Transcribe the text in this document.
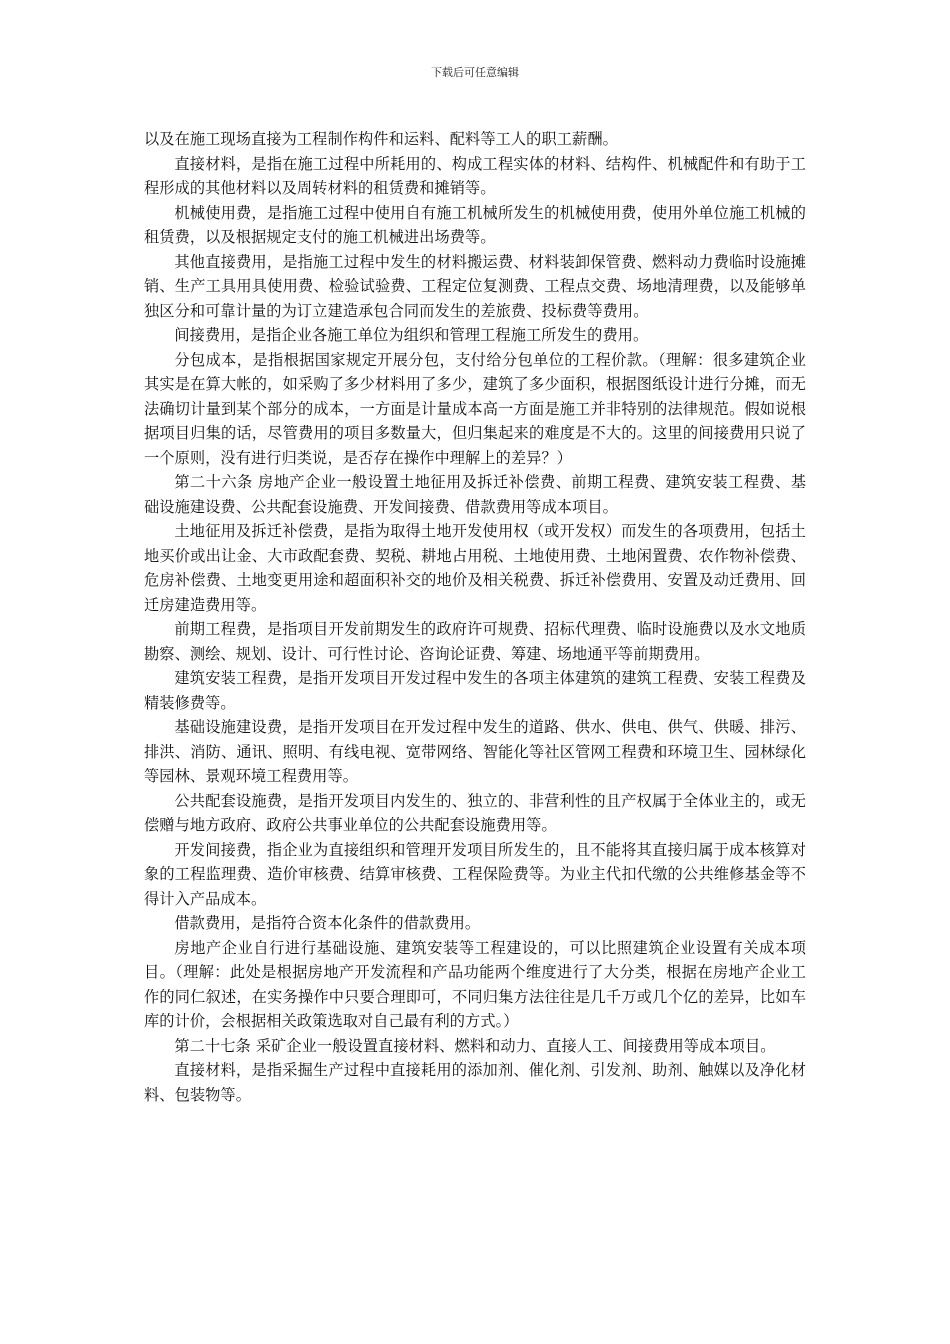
下载后可任意编辑

以及在施工现场直接为工程制作构件和运料、配料等工人的职工薪酬。

直接材料，是指在施工过程中所耗用的、构成工程实体的材料、结构件、机械配件和有助于工程形成的其他材料以及周转材料的租赁费和摊销等。

机械使用费，是指施工过程中使用自有施工机械所发生的机械使用费，使用外单位施工机械的租赁费，以及根据规定支付的施工机械进出场费等。

其他直接费用，是指施工过程中发生的材料搬运费、材料装卸保管费、燃料动力费临时设施摊销、生产工具用具使用费、检验试验费、工程定位复测费、工程点交费、场地清理费，以及能够单独区分和可靠计量的为订立建造承包合同而发生的差旅费、投标费等费用。

间接费用，是指企业各施工单位为组织和管理工程施工所发生的费用。

分包成本，是指根据国家规定开展分包，支付给分包单位的工程价款。（理解：很多建筑企业其实是在算大帐的，如采购了多少材料用了多少，建筑了多少面积，根据图纸设计进行分摊，而无法确切计量到某个部分的成本，一方面是计量成本高一方面是施工并非特别的法律规范。假如说根据项目归集的话，尽管费用的项目多数量大，但归集起来的难度是不大的。这里的间接费用只说了一个原则，没有进行归类说，是否存在操作中理解上的差异？）

第二十六条 房地产企业一般设置土地征用及拆迁补偿费、前期工程费、建筑安装工程费、基础设施建设费、公共配套设施费、开发间接费、借款费用等成本项目。

土地征用及拆迁补偿费，是指为取得土地开发使用权（或开发权）而发生的各项费用，包括土地买价或出让金、大市政配套费、契税、耕地占用税、土地使用费、土地闲置费、农作物补偿费、危房补偿费、土地变更用途和超面积补交的地价及相关税费、拆迁补偿费用、安置及动迁费用、回迁房建造费用等。

前期工程费，是指项目开发前期发生的政府许可规费、招标代理费、临时设施费以及水文地质勘察、测绘、规划、设计、可行性讨论、咨询论证费、筹建、场地通平等前期费用。

建筑安装工程费，是指开发项目开发过程中发生的各项主体建筑的建筑工程费、安装工程费及精装修费等。

基础设施建设费，是指开发项目在开发过程中发生的道路、供水、供电、供气、供暖、排污、排洪、消防、通讯、照明、有线电视、宽带网络、智能化等社区管网工程费和环境卫生、园林绿化等园林、景观环境工程费用等。

公共配套设施费，是指开发项目内发生的、独立的、非营利性的且产权属于全体业主的，或无偿赠与地方政府、政府公共事业单位的公共配套设施费用等。

开发间接费，指企业为直接组织和管理开发项目所发生的，且不能将其直接归属于成本核算对象的工程监理费、造价审核费、结算审核费、工程保险费等。为业主代扣代缴的公共维修基金等不得计入产品成本。

借款费用，是指符合资本化条件的借款费用。

房地产企业自行进行基础设施、建筑安装等工程建设的，可以比照建筑企业设置有关成本项目。（理解：此处是根据房地产开发流程和产品功能两个维度进行了大分类，根据在房地产企业工作的同仁叙述，在实务操作中只要合理即可，不同归集方法往往是几千万或几个亿的差异，比如车库的计价，会根据相关政策选取对自己最有利的方式。）

第二十七条 采矿企业一般设置直接材料、燃料和动力、直接人工、间接费用等成本项目。

直接材料，是指采掘生产过程中直接耗用的添加剂、催化剂、引发剂、助剂、触媒以及净化材料、包装物等。
